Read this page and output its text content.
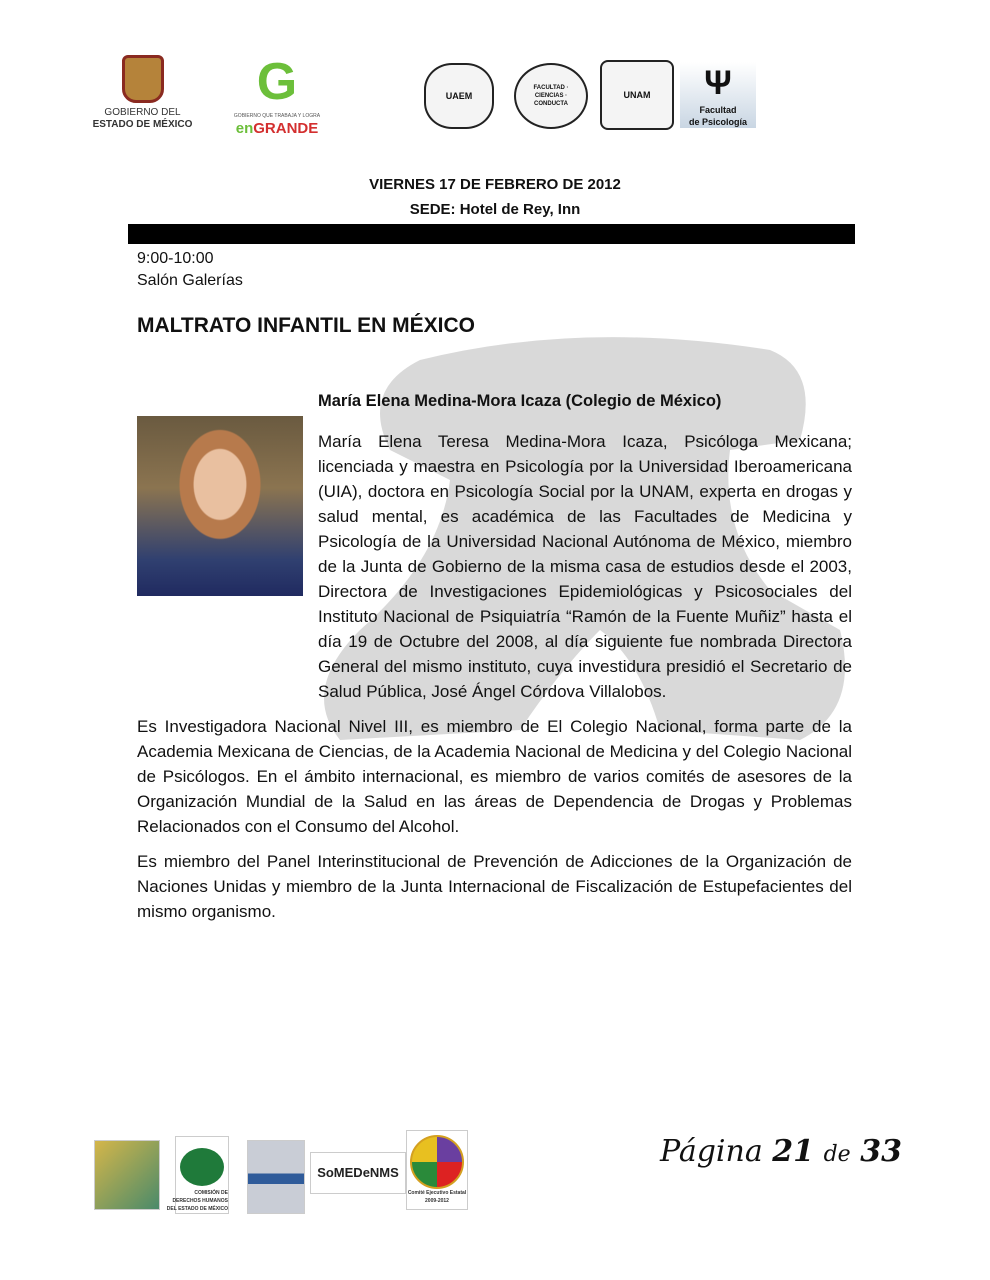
GOBIERNO DEL
ESTADO DE MÉXICO
G
GOBIERNO QUE TRABAJA Y LOGRA
enGRANDE
UAEM
FACULTAD · CIENCIAS · CONDUCTA
UNAM	Ψ
Facultad
de Psicología
VIERNES 17 DE FEBRERO DE 2012
SEDE: Hotel de Rey, Inn
9:00-10:00
Salón Galerías
MALTRATO INFANTIL EN MÉXICO
María Elena Medina-Mora Icaza (Colegio de México)

María Elena Teresa Medina-Mora Icaza, Psicóloga Mexicana; licenciada y maestra en Psicología por la Universidad Iberoamericana (UIA), doctora en Psicología Social por la UNAM, experta en drogas y salud mental, es académica de las Facultades de Medicina y Psicología de la Universidad Nacional Autónoma de México, miembro de la Junta de Gobierno de la misma casa de estudios desde el 2003, Directora de Investigaciones Epidemiológicas y Psicosociales del Instituto Nacional de Psiquiatría “Ramón de la Fuente Muñiz” hasta el día 19 de Octubre del 2008, al día siguiente fue nombrada Directora General del mismo instituto, cuya investidura presidió el Secretario de Salud Pública, José Ángel Córdova Villalobos.

Es Investigadora Nacional Nivel III, es miembro de El Colegio Nacional, forma parte de la Academia Mexicana de Ciencias, de la Academia Nacional de Medicina y del Colegio Nacional de Psicólogos. En el ámbito internacional, es miembro de varios comités de asesores de la Organización Mundial de la Salud en las áreas de Dependencia de Drogas y Problemas Relacionados con el Consumo del Alcohol.

Es miembro del Panel Interinstitucional de Prevención de Adicciones de la Organización de Naciones Unidas y miembro de la Junta Internacional de Fiscalización de Estupefacientes del mismo organismo.

COMISIÓN DE
DERECHOS HUMANOS
DEL ESTADO DE MÉXICO
SoMEDeNMS
Comité Ejecutivo Estatal
2009-2012
Página 21 de 33
